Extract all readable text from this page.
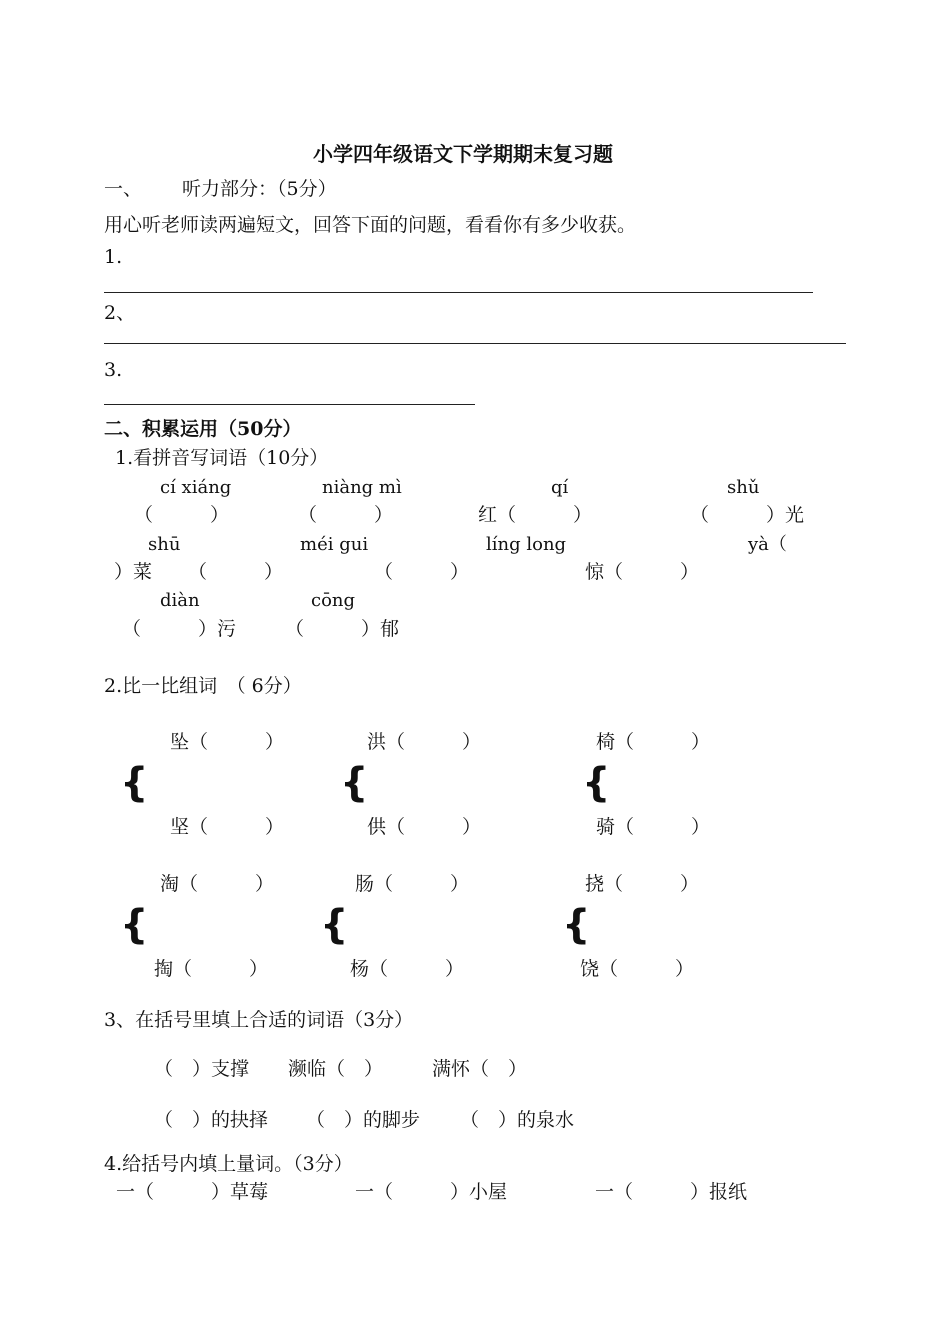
小学四年级语文下学期期末复习题
一、 听力部分：（5分）
用心听老师读两遍短文，回答下面的问题，看看你有多少收获。
1.
2、
3.
二、积累运用（50分）
1.看拼音写词语（10分）
cí xiáng	niàng mì	qí	shǔ
（　　　）	（　　　）	红（　　　）	（　　　）光
shū	méi gui	líng long	yà（
）菜 （　　　）	（　　　）	惊（　　　）
diàn	cōng
（　　　）污	（　　　）郁
2.比一比组词　（ 6分）
坠（　　　）	洪（　　　）	椅（　　　）
{	{	{
坚（　　　）	供（　　　）	骑（　　　）
淘（　　　）	肠（　　　）	挠（　　　）
{	{	{
掏（　　　）	杨（　　　）	饶（　　　）
3、在括号里填上合适的词语（3分）
（　）支撑 濒临（　）	满怀（　）
（　）的抉择 （　）的脚步 （　）的泉水
4.给括号内填上量词。（3分）
一（　　　）草莓	一（　　　）小屋	一（　　　）报纸
